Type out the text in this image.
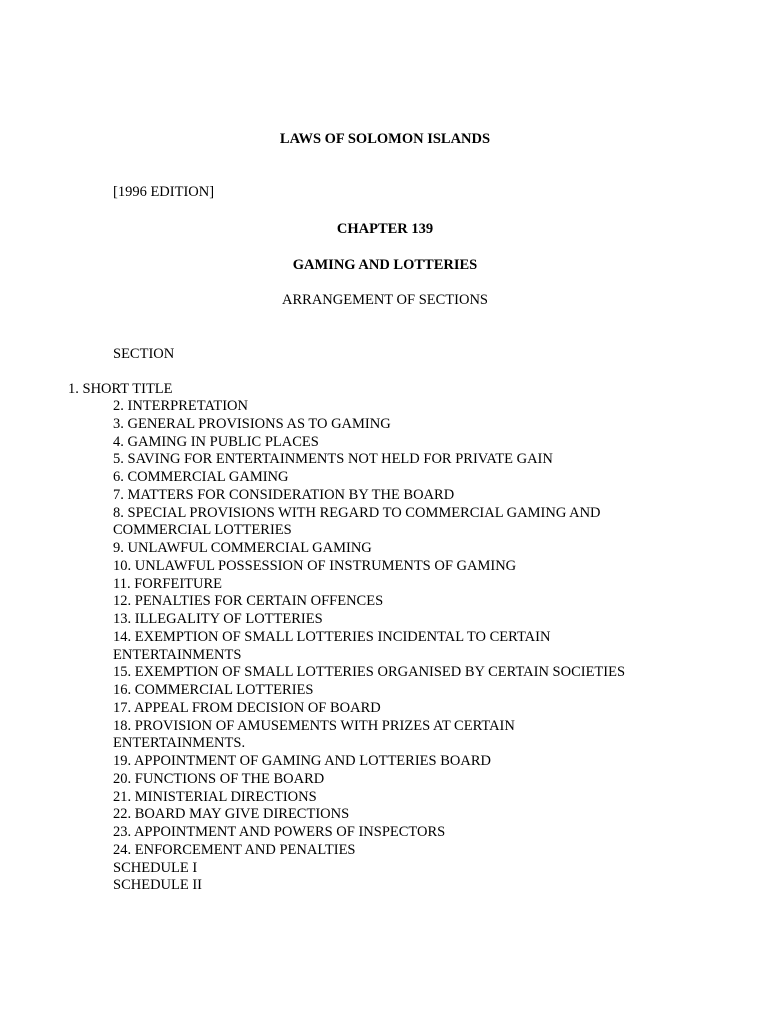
LAWS OF SOLOMON ISLANDS
[1996 EDITION]
CHAPTER 139
GAMING AND LOTTERIES
ARRANGEMENT OF SECTIONS
SECTION
1. SHORT TITLE
2. INTERPRETATION
3. GENERAL PROVISIONS AS TO GAMING
4. GAMING IN PUBLIC PLACES
5. SAVING FOR ENTERTAINMENTS NOT HELD FOR PRIVATE GAIN
6. COMMERCIAL GAMING
7. MATTERS FOR CONSIDERATION BY THE BOARD
8. SPECIAL PROVISIONS WITH REGARD TO COMMERCIAL GAMING AND
COMMERCIAL LOTTERIES
9. UNLAWFUL COMMERCIAL GAMING
10. UNLAWFUL POSSESSION OF INSTRUMENTS OF GAMING
11. FORFEITURE
12. PENALTIES FOR CERTAIN OFFENCES
13. ILLEGALITY OF LOTTERIES
14. EXEMPTION OF SMALL LOTTERIES INCIDENTAL TO CERTAIN
ENTERTAINMENTS
15. EXEMPTION OF SMALL LOTTERIES ORGANISED BY CERTAIN SOCIETIES
16. COMMERCIAL LOTTERIES
17. APPEAL FROM DECISION OF BOARD
18. PROVISION OF AMUSEMENTS WITH PRIZES AT CERTAIN
ENTERTAINMENTS.
19. APPOINTMENT OF GAMING AND LOTTERIES BOARD
20. FUNCTIONS OF THE BOARD
21. MINISTERIAL DIRECTIONS
22. BOARD MAY GIVE DIRECTIONS
23. APPOINTMENT AND POWERS OF INSPECTORS
24. ENFORCEMENT AND PENALTIES
SCHEDULE I
SCHEDULE II
